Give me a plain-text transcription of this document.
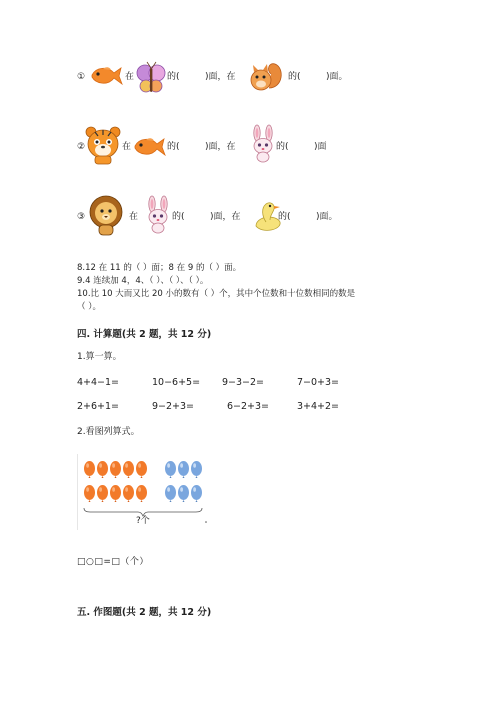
①	在	的(	)面，在	的(	)面。
②	在	的(	)面，在	的(	)面
③	在	的(	)面，在	的(	)面。
8.12 在 11 的（ ）面；8 在 9 的（ ）面。
9.4 连续加 4，4、（ ）、（ ）、（ ）。
10.比 10 大而又比 20 小的数有（ ）个，其中个位数和十位数相同的数是
（ ）。
四. 计算题(共 2 题，共 12 分)
1.算一算。
4+4−1=	10−6+5= 9−3−2=	7−0+3=
2+6+1=	9−2+3=	6−2+3=	3+4+2=
2.看图列算式。
?个
□○□=□（个）
五. 作图题(共 2 题，共 12 分)
